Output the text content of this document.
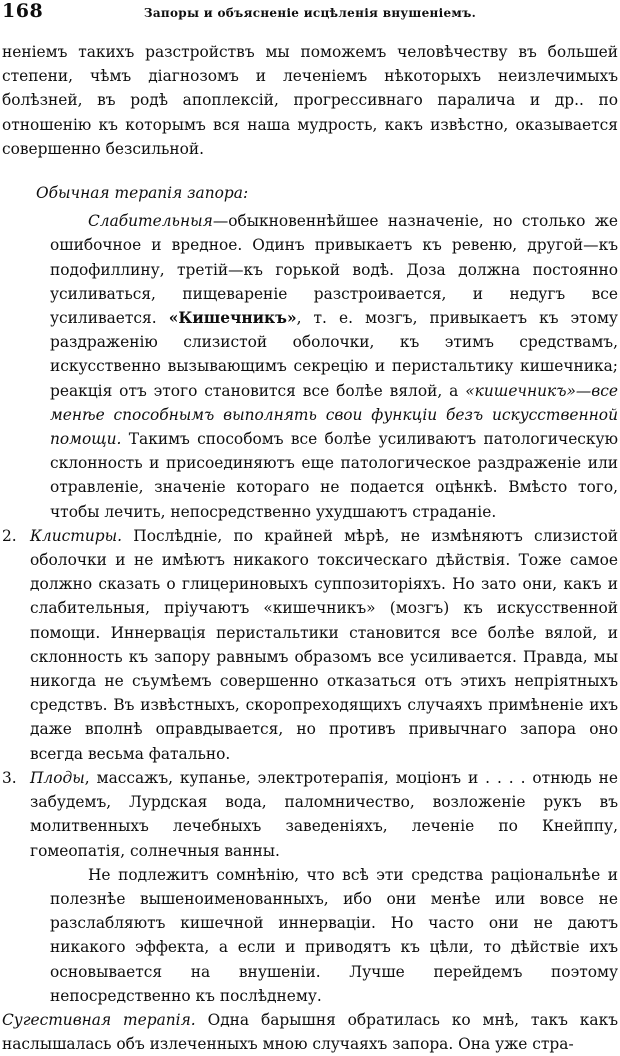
168	Запоры и объясненіе исцѣленія внушеніемъ.

неніемъ такихъ разстройствъ мы поможемъ человѣчеству въ большей степени, чѣмъ діагнозомъ и леченіемъ нѣкоторыхъ неизлечимыхъ болѣзней, въ родѣ апоплексій, прогрессивнаго паралича и др.. по отношенію къ которымъ вся наша мудрость, какъ извѣстно, оказывается совершенно безсильной.

Обычная терапія запора:

Слабительныя—обыкновеннѣйшее назначеніе, но столько же ошибочное и вредное. Одинъ привыкаетъ къ ревеню, другой—къ подофиллину, третій—къ горькой водѣ. Доза должна постоянно усиливаться, пищевареніе разстроивается, и недугъ все усиливается. «Кишечникъ», т. е. мозгъ, привыкаетъ къ этому раздраженію слизистой оболочки, къ этимъ средствамъ, искусственно вызывающимъ секрецію и перистальтику кишечника; реакція отъ этого становится все болѣе вялой, а «кишечникъ»—все менѣе способнымъ выполнять свои функціи безъ искусственной помощи. Такимъ способомъ все болѣе усиливаютъ патологическую склонность и присоединяютъ еще патологическое раздраженіе или отравленіе, значеніе котораго не подается оцѣнкѣ. Вмѣсто того, чтобы лечить, непосредственно ухудшаютъ страданіе.

2. Клистиры. Послѣдніе, по крайней мѣрѣ, не измѣняютъ слизистой оболочки и не имѣютъ никакого токсическаго дѣйствія. Тоже самое должно сказать о глицериновыхъ суппозиторіяхъ. Но зато они, какъ и слабительныя, пріучаютъ «кишечникъ» (мозгъ) къ искусственной помощи. Иннервація перистальтики становится все болѣе вялой, и склонность къ запору равнымъ образомъ все усиливается. Правда, мы никогда не съумѣемъ совершенно отказаться отъ этихъ непріятныхъ средствъ. Въ извѣстныхъ, скоропреходящихъ случаяхъ примѣненіе ихъ даже вполнѣ оправдывается, но противъ привычнаго запора оно всегда весьма фатально.
3. Плоды, массажъ, купанье, электротерапія, моціонъ и . . . . отнюдь не забудемъ, Лурдская вода, паломничество, возложеніе рукъ въ молитвенныхъ лечебныхъ заведеніяхъ, леченіе по Кнейппу, гомеопатія, солнечныя ванны.

Не подлежитъ сомнѣнію, что всѣ эти средства раціональнѣе и полезнѣе вышеноименованныхъ, ибо они менѣе или вовсе не разслабляютъ кишечной иннерваціи. Но часто они не даютъ никакого эффекта, а если и приводятъ къ цѣли, то дѣйствіе ихъ основывается на внушеніи. Лучше перейдемъ поэтому непосредственно къ послѣднему.

Сугестивная терапія. Одна барышня обратилась ко мнѣ, такъ какъ наслышалась объ излеченныхъ мною случаяхъ запора. Она уже стра-
